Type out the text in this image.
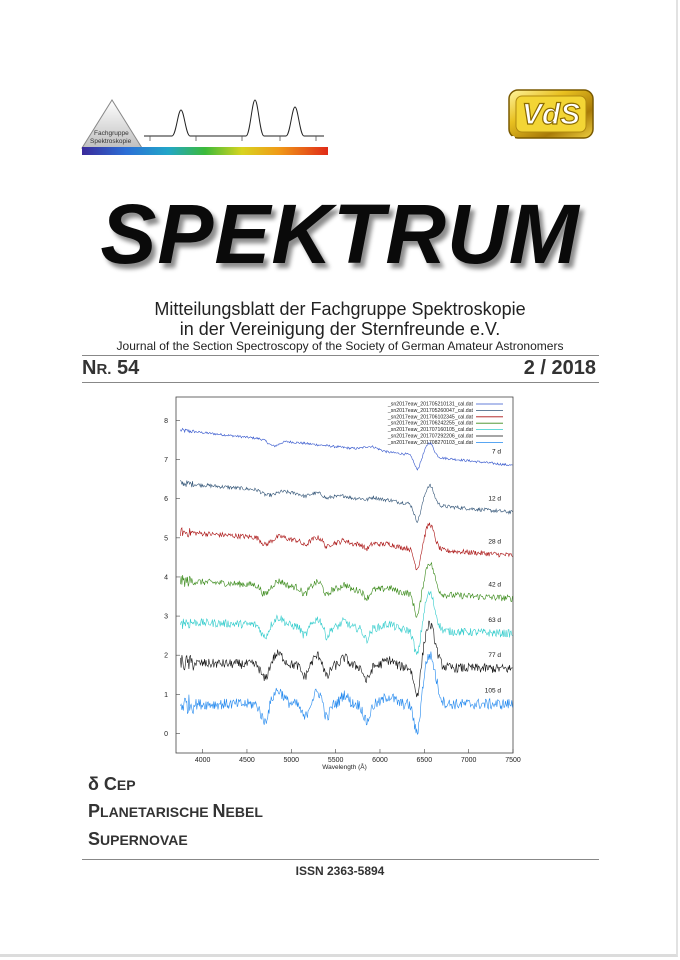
Fachgruppe
Spektroskopie
VdS
SPEKTRUM
Mitteilungsblatt der Fachgruppe Spektroskopie
in der Vereinigung der Sternfreunde e.V.
Journal of the Section Spectroscopy of the Society of German Amateur Astronomers
NR. 54	2 / 2018
4000	4500	5000	5500	6000	6500	7000	7500
0
1
2
3
4
5
6
7
8
Wavelength (Å)
7 d
12 d
28 d
42 d
63 d
77 d
105 d
_sn2017eaw_201705210131_cal.dat
_sn2017eaw_201705260047_cal.dat
_sn2017eaw_201706102345_cal.dat
_sn2017eaw_201706242255_cal.dat
_sn2017eaw_201707160105_cal.dat
_sn2017eaw_201707292206_cal.dat
_sn2017eaw_201708270103_cal.dat
δ CEP
PLANETARISCHE NEBEL
SUPERNOVAE
ISSN 2363-5894
